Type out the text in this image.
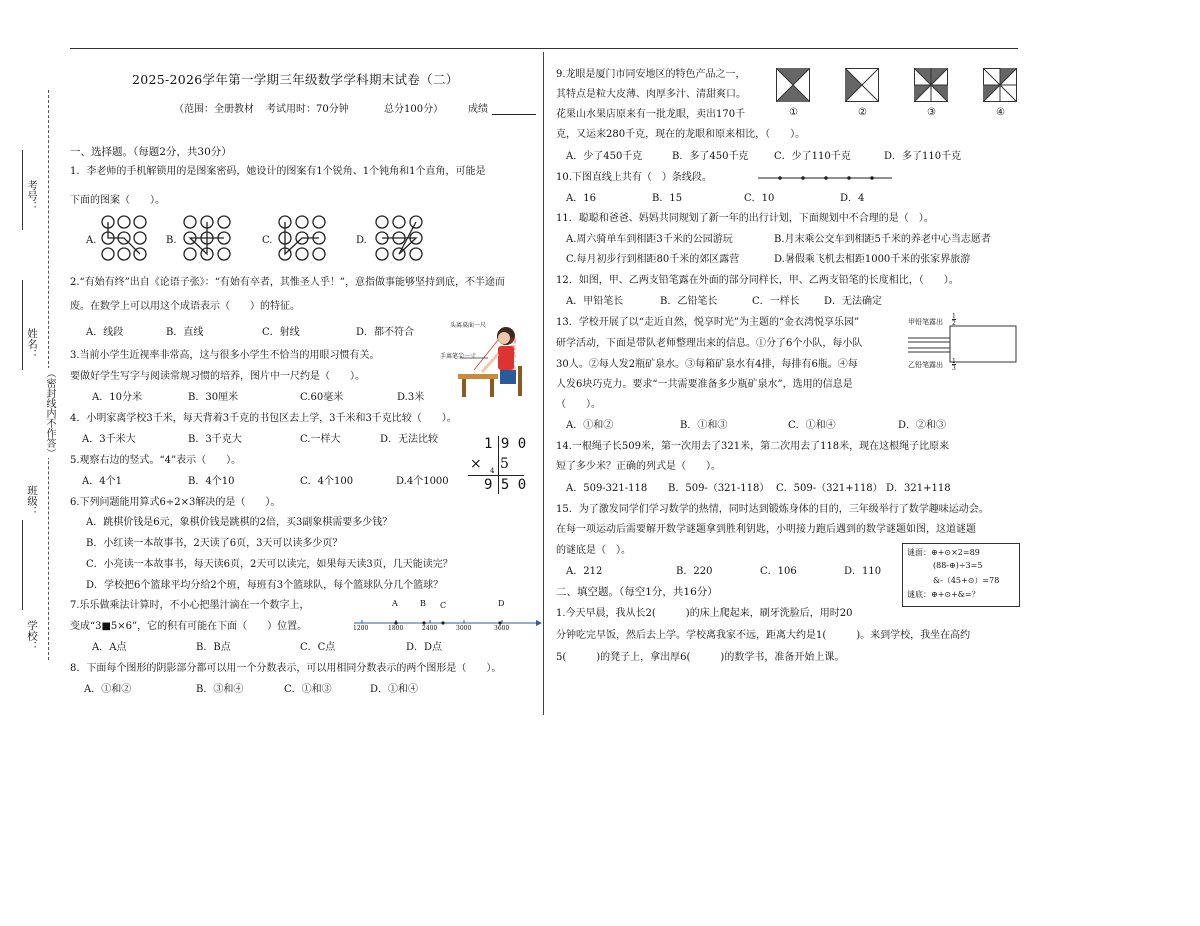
考号：
姓名：
班级：
学校：
（密封线内不作答）
2025-2026学年第一学期三年级数学学科期末试卷（二）
（范围：全册教材 考试用时：70分钟	总分100分） 成绩
一、选择题。（每题2分，共30分）
1．李老师的手机解锁用的是图案密码，她设计的图案有1个锐角、1个钝角和1个直角，可能是
下面的图案（　　）。
A.	B.	C.	D.
2.“有始有终”出自《论语子张》：“有始有卒者，其惟圣人乎！”，意指做事能够坚持到底，不半途而
废。在数学上可以用这个成语表示（　　）的特征。
A．线段	B．直线	C．射线	D．都不符合
头离桌面一尺
手离笔尖一寸
胸离桌一拳
3.当前小学生近视率非常高，这与很多小学生不恰当的用眼习惯有关。
要做好学生写字与阅读常规习惯的培养，图片中一尺约是（　　）。
A．10分米	B．30厘米	C.60毫米	D.3米
4．小明家离学校3千米，每天背着3千克的书包区去上学，3千米和3千克比较（　　）。
A．3千米大	B．3千克大	C.一样大	D．无法比较
5.观察右边的竖式。“4”表示（　　）。
A．4个1	B．4个10	C．4个100	D.4个1000
1 9 0
× 5
4
9 5 0
6.下列问题能用算式6÷2×3解决的是（　　）。
A．跳棋价钱是6元，象棋价钱是跳棋的2倍，买3副象棋需要多少钱？
B．小红读一本故事书，2天读了6页，3天可以读多少页？
C．小亮读一本故事书，每天读6页，2天可以读完，如果每天读3页，几天能读完？
D．学校把6个篮球平均分给2个班，每班有3个篮球队，每个篮球队分几个篮球？
7.乐乐做乘法计算时，不小心把墨汁滴在一个数字上，
变成“3■5×6”，它的积有可能在下面（　　）位置。
A	B C	D
1200	1800	2400	3000	3600
A．A点	B．B点	C．C点	D．D点
8．下面每个图形的阴影部分都可以用一个分数表示，可以用相同分数表示的两个图形是（　　）。
A．①和②	B．③和④	C．①和③	D．①和④
9.龙眼是厦门市同安地区的特色产品之一，
其特点是粒大皮薄、肉厚多汁、清甜爽口。
花果山水果店原来有一批龙眼，卖出170千
克，又运来280千克，现在的龙眼和原来相比，（　　）。
A．少了450千克	B．多了450千克	C．少了110千克	D．多了110千克
①	②	③	④
10.下图直线上共有（　）条线段。
A．16	B．15	C．10	D．4
11．聪聪和爸爸、妈妈共同规划了新一年的出行计划，下面规划中不合理的是（　）。
A.周六骑单车到相距3千米的公园游玩	B.月末乘公交车到相距5千米的养老中心当志愿者
C.每月初步行到相距80千米的郊区露营	D.暑假乘飞机去相距1000千米的张家界旅游
12．如图，甲、乙两支铅笔露在外面的部分同样长，甲、乙两支铅笔的长度相比，（　　）。
A．甲铅笔长	B．乙铅笔长	C．一样长 D．无法确定
甲铅笔露出
1
2
乙铅笔露出 1
3
13．学校开展了以“走近自然，悦享时光”为主题的“金衣湾悦享乐园”
研学活动，下面是带队老师整理出来的信息。①分了6个小队，每小队
30人。②每人发2瓶矿泉水。③每箱矿泉水有4排，每排有6瓶。④每
人发6块巧克力。要求“一共需要准备多少瓶矿泉水”，选用的信息是
（　　）。
A．①和②	B．①和③	C．①和④	D．②和③
14.一根绳子长509米，第一次用去了321米，第二次用去了118米，现在这根绳子比原来
短了多少米？正确的列式是（　　）。
A．509-321-118 B．509-（321-118） C．509-（321+118） D．321+118
15．为了激发同学们学习数学的热情，同时达到锻炼身体的目的，三年级举行了数学趣味运动会。
在每一项运动后需要解开数学谜题拿到胜利钥匙，小明接力跑后遇到的数学谜题如图，这道谜题
的谜底是（　）。
A．212	B．220	C．106	D．110
谜面：⊕+⊙×2=89
(88-⊕)÷3=5
&-（45+⊙）=78
谜底：⊕+⊙+&=？
二、填空题。（每空1分，共16分）
1.今天早晨，我从长2(　　　)的床上爬起来，刷牙洗脸后，用时20
分钟吃完早饭，然后去上学。学校离我家不远，距离大约是1(　　　)。来到学校，我坐在高约
5(　　　)的凳子上，拿出厚6(　　　)的数学书，准备开始上课。
